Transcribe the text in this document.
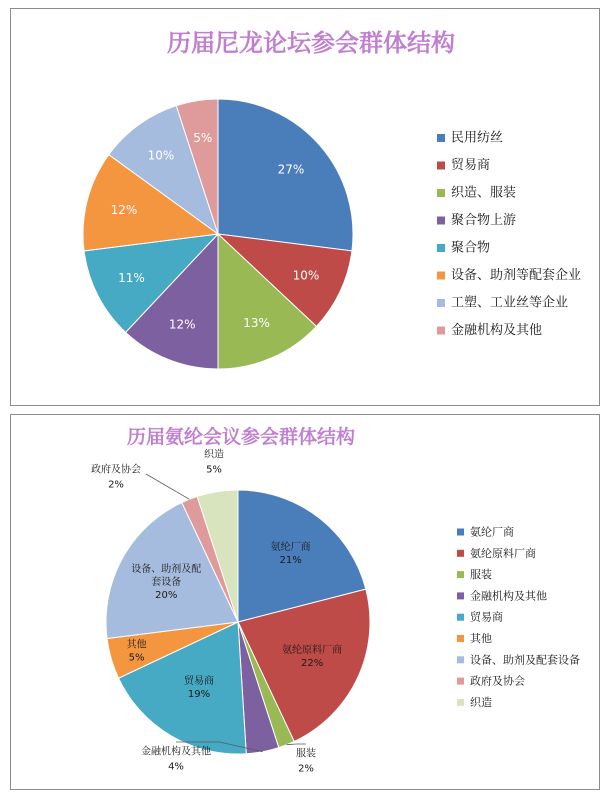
历届尼龙论坛参会群体结构
27%
10%
13%
12%
11%
12%
10%
5%	民用纺丝
贸易商
织造、服装
聚合物上游
聚合物
设备、助剂等配套企业
工塑、工业丝等企业
金融机构及其他
历届氨纶会议参会群体结构
氨纶厂商 21%
氨纶原料厂商 22%
贸易商 19%
其他 5%
设备、助剂及配套设备 20%
服装 2%
金融机构及其他 4%
政府及协会 2%
织造 5%
氨纶厂商
氨纶原料厂商
服装
金融机构及其他
贸易商
其他
设备、助剂及配套设备
政府及协会
织造
